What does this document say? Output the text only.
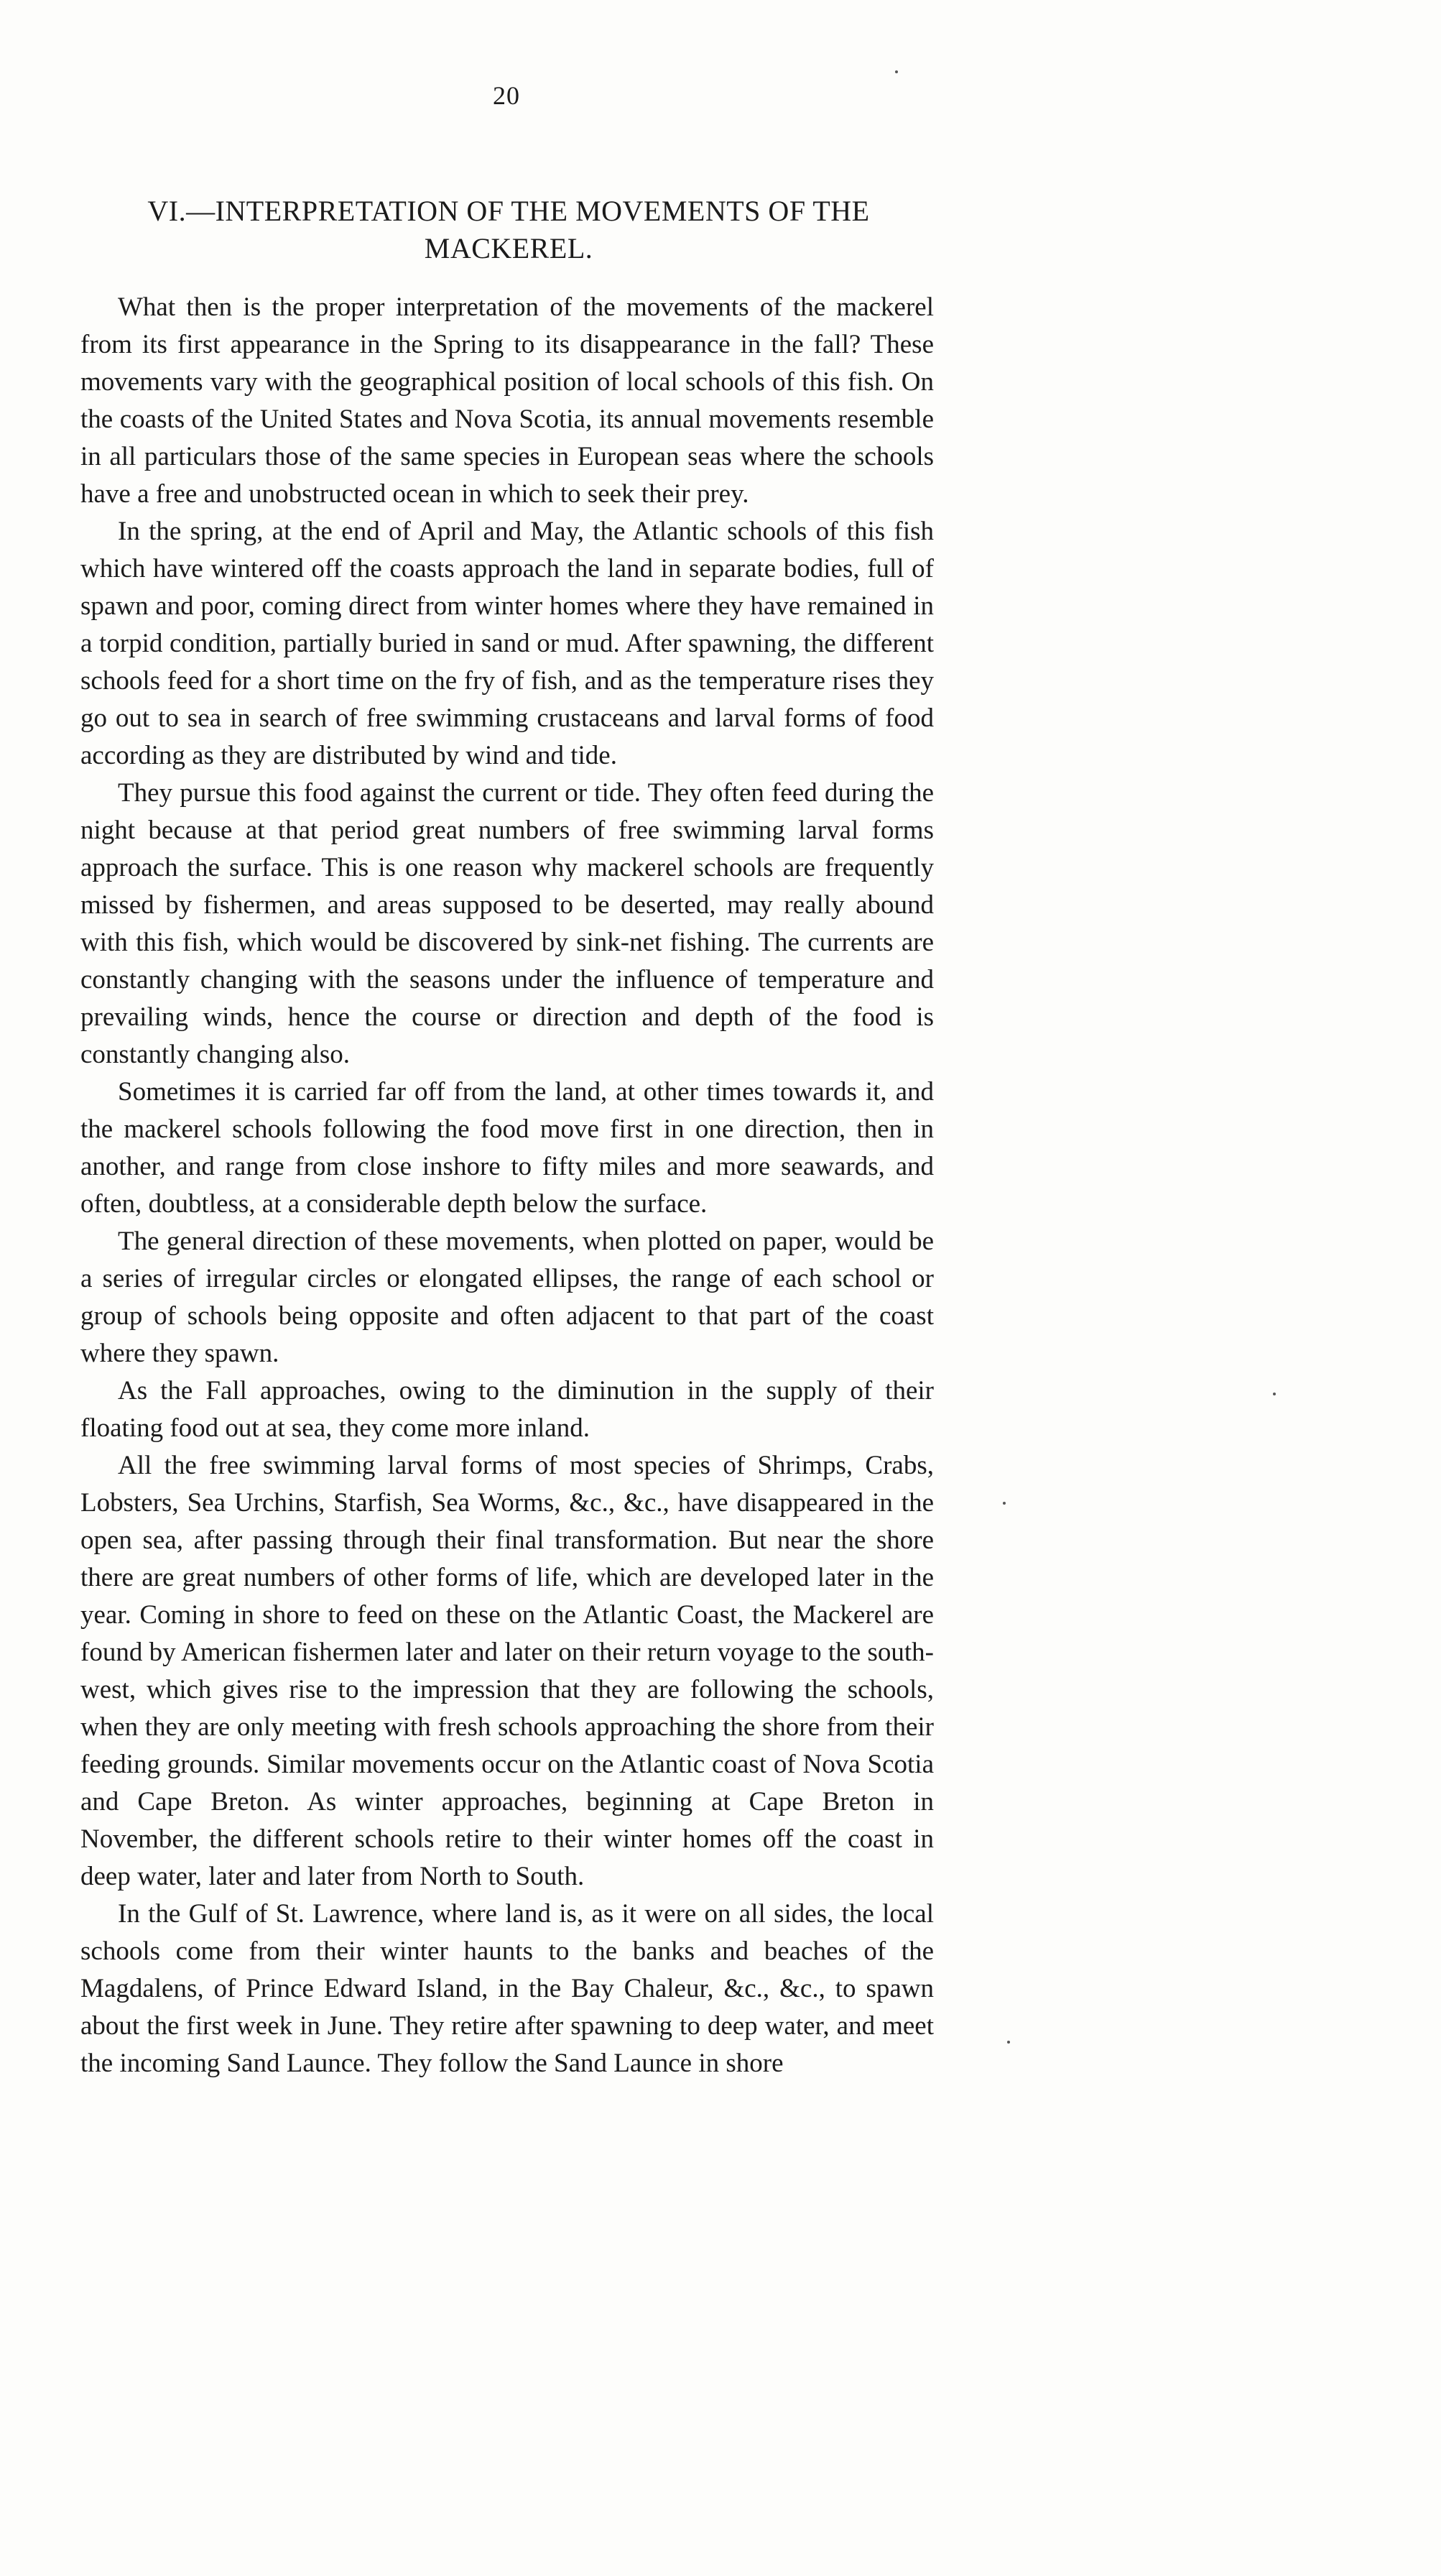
20
VI.—INTERPRETATION OF THE MOVEMENTS OF THE MACKEREL.

What then is the proper interpretation of the movements of the mackerel from its first appearance in the Spring to its disappearance in the fall? These movements vary with the geographical position of local schools of this fish. On the coasts of the United States and Nova Scotia, its annual movements resemble in all particulars those of the same species in European seas where the schools have a free and unobstructed ocean in which to seek their prey.

In the spring, at the end of April and May, the Atlantic schools of this fish which have wintered off the coasts approach the land in separate bodies, full of spawn and poor, coming direct from winter homes where they have remained in a torpid condition, partially buried in sand or mud. After spawning, the different schools feed for a short time on the fry of fish, and as the temperature rises they go out to sea in search of free swimming crustaceans and larval forms of food according as they are distributed by wind and tide.

They pursue this food against the current or tide. They often feed during the night because at that period great numbers of free swimming larval forms approach the surface. This is one reason why mackerel schools are frequently missed by fishermen, and areas supposed to be deserted, may really abound with this fish, which would be discovered by sink-net fishing. The currents are constantly changing with the seasons under the influence of temperature and prevailing winds, hence the course or direction and depth of the food is constantly changing also.

Sometimes it is carried far off from the land, at other times towards it, and the mackerel schools following the food move first in one direction, then in another, and range from close inshore to fifty miles and more seawards, and often, doubtless, at a considerable depth below the surface.

The general direction of these movements, when plotted on paper, would be a series of irregular circles or elongated ellipses, the range of each school or group of schools being opposite and often adjacent to that part of the coast where they spawn.

As the Fall approaches, owing to the diminution in the supply of their floating food out at sea, they come more inland.

All the free swimming larval forms of most species of Shrimps, Crabs, Lobsters, Sea Urchins, Starfish, Sea Worms, &c., &c., have disappeared in the open sea, after passing through their final transformation. But near the shore there are great numbers of other forms of life, which are developed later in the year. Coming in shore to feed on these on the Atlantic Coast, the Mackerel are found by American fishermen later and later on their return voyage to the south-west, which gives rise to the impression that they are following the schools, when they are only meeting with fresh schools approaching the shore from their feeding grounds. Similar movements occur on the Atlantic coast of Nova Scotia and Cape Breton. As winter approaches, beginning at Cape Breton in November, the different schools retire to their winter homes off the coast in deep water, later and later from North to South.

In the Gulf of St. Lawrence, where land is, as it were on all sides, the local schools come from their winter haunts to the banks and beaches of the Magdalens, of Prince Edward Island, in the Bay Chaleur, &c., &c., to spawn about the first week in June. They retire after spawning to deep water, and meet the incoming Sand Launce. They follow the Sand Launce in shore
